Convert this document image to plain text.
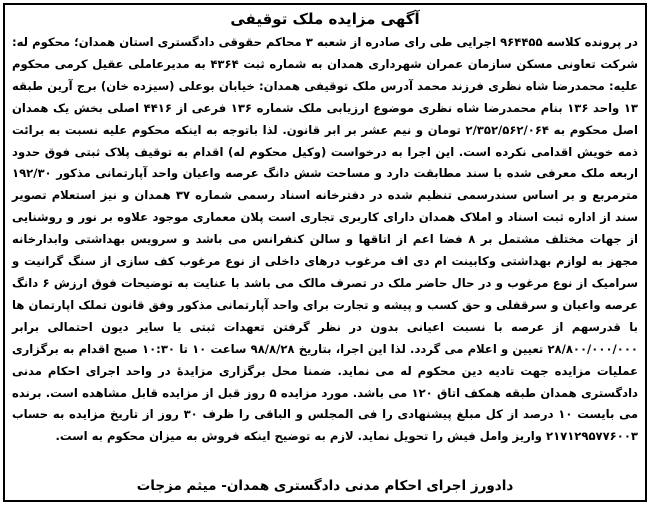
آگهی مزایده ملک توقیفی

در پرونده کلاسه ۹۶۴۴۵۵ اجرایی طی رای صادره از شعبه ۳ محاکم حقوقی دادگستری استان همدان؛ محکوم له: شرکت تعاونی مسکن سازمان عمران شهرداری همدان به شماره ثبت ۴۳۶۴ به مدیرعاملی عقیل کرمی محکوم علیه: محمدرضا شاه نظری فرزند محمد آدرس ملک توقیفی همدان: خیابان بوعلی (سیزده خان) برج آرین طبقه ۱۳ واحد ۱۳۶ بنام محمدرضا شاه نظری موضوع ارزیابی ملک شماره ۱۳۶ فرعی از ۴۴۱۶ اصلی بخش یک همدان اصل محکوم به ۲/۳۵۲/۵۶۲/۰۶۴ تومان و نیم عشر بر ابر قانون. لذا باتوجه به اینکه محکوم علیه نسبت به برائت ذمه خویش اقدامی نکرده است. این اجرا به درخواست (وکیل محکوم له) اقدام به توقیف پلاک ثبتی فوق حدود اربعه ملک معرفی شده با سند مطابقت دارد و مساحت شش دانگ عرصه واعیان واحد آپارتمانی مذکور ۱۹۲/۳۰ مترمربع و بر اساس سندرسمی تنظیم شده در دفترخانه اسناد رسمی شماره ۳۷ همدان و نیز استعلام تصویر سند از اداره ثبت اسناد و املاک همدان دارای کاربری تجاری است پلان معماری موجود علاوه بر نور و روشنایی از جهات مختلف مشتمل بر ۸ فضا اعم از اتاقها و سالن کنفرانس می باشد و سرویس بهداشتی وابدارخانه مجهز به لوازم بهداشتی وکابینت ام دی اف مرغوب درهای داخلی از نوع مرغوب کف سازی از سنگ گرانیت و سرامیک از نوع مرغوب و در حال حاضر ملک در تصرف مالک می باشد با عنایت به توضیحات فوق ارزش ۶ دانگ عرصه واعیان و سرقفلی و حق کسب و پیشه و تجارت برای واحد آپارتمانی مذکور وفق قانون تملک اپارتمان ها با قدرسهم از عرصه با نسبت اعیانی بدون در نظر گرفتن تعهدات ثبتی یا سایر دیون احتمالی برابر ۲۸/۸۰۰/۰۰۰/۰۰۰ تعیین و اعلام می گردد. لذا این اجرا، بتاریخ ۹۸/۸/۲۸ ساعت ۱۰ تا ۱۰:۳۰ صبح اقدام به برگزاری عملیات مزایده جهت تادیه دین محکوم له می نماید. ضمنا محل برگزاری مزایدهٔ در واحد اجرای احکام مدنی دادگستری همدان طبقه همکف اتاق ۱۲۰ می باشد. مورد مزایده ۵ روز قبل از مزایده قابل مشاهده است. برنده می بایست ۱۰ درصد از کل مبلغ پیشنهادی را فی المجلس و الباقی را ظرف ۳۰ روز از تاریخ مزایده به حساب ۲۱۷۱۲۹۵۷۷۶۰۰۳ واریز وامل فیش را تحویل نماید. لازم به توضیح اینکه فروش به میزان محکوم به است.

دادورز اجرای احکام مدنی دادگستری همدان- میثم مزجات
